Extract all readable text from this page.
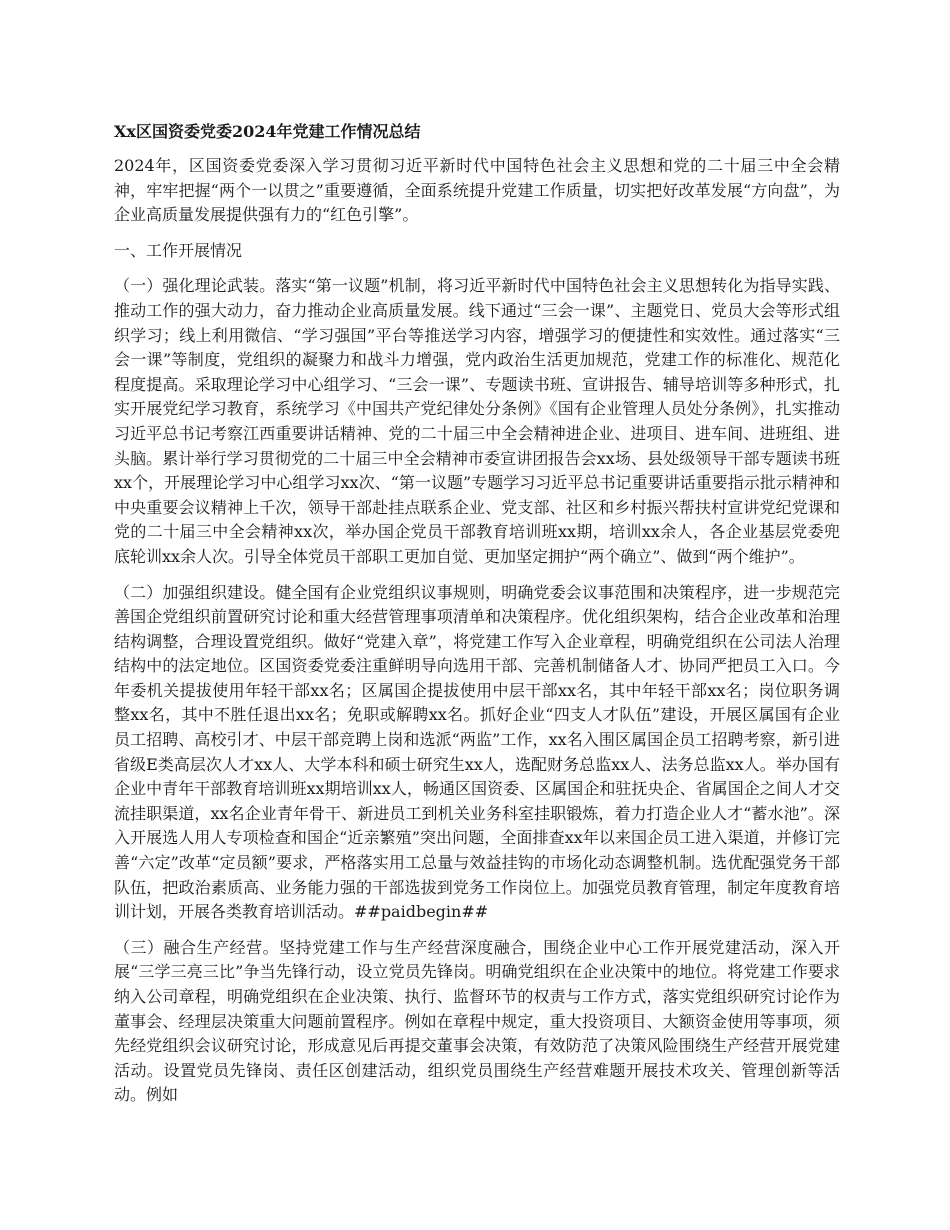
Xx区国资委党委2024年党建工作情况总结

2024年，区国资委党委深入学习贯彻习近平新时代中国特色社会主义思想和党的二十届三中全会精神，牢牢把握“两个一以贯之”重要遵循，全面系统提升党建工作质量，切实把好改革发展“方向盘”，为企业高质量发展提供强有力的“红色引擎”。

一、工作开展情况

（一）强化理论武装。落实“第一议题”机制，将习近平新时代中国特色社会主义思想转化为指导实践、推动工作的强大动力，奋力推动企业高质量发展。线下通过“三会一课”、主题党日、党员大会等形式组织学习；线上利用微信、“学习强国”平台等推送学习内容，增强学习的便捷性和实效性。通过落实“三会一课”等制度，党组织的凝聚力和战斗力增强，党内政治生活更加规范，党建工作的标准化、规范化程度提高。采取理论学习中心组学习、“三会一课”、专题读书班、宣讲报告、辅导培训等多种形式，扎实开展党纪学习教育，系统学习《中国共产党纪律处分条例》《国有企业管理人员处分条例》，扎实推动习近平总书记考察江西重要讲话精神、党的二十届三中全会精神进企业、进项目、进车间、进班组、进头脑。累计举行学习贯彻党的二十届三中全会精神市委宣讲团报告会xx场、县处级领导干部专题读书班xx个，开展理论学习中心组学习xx次、“第一议题”专题学习习近平总书记重要讲话重要指示批示精神和中央重要会议精神上千次，领导干部赴挂点联系企业、党支部、社区和乡村振兴帮扶村宣讲党纪党课和党的二十届三中全会精神xx次，举办国企党员干部教育培训班xx期，培训xx余人，各企业基层党委兜底轮训xx余人次。引导全体党员干部职工更加自觉、更加坚定拥护“两个确立”、做到“两个维护”。

（二）加强组织建设。健全国有企业党组织议事规则，明确党委会议事范围和决策程序，进一步规范完善国企党组织前置研究讨论和重大经营管理事项清单和决策程序。优化组织架构，结合企业改革和治理结构调整，合理设置党组织。做好“党建入章”，将党建工作写入企业章程，明确党组织在公司法人治理结构中的法定地位。区国资委党委注重鲜明导向选用干部、完善机制储备人才、协同严把员工入口。今年委机关提拔使用年轻干部xx名；区属国企提拔使用中层干部xx名，其中年轻干部xx名；岗位职务调整xx名，其中不胜任退出xx名；免职或解聘xx名。抓好企业“四支人才队伍”建设，开展区属国有企业员工招聘、高校引才、中层干部竞聘上岗和选派“两监”工作，xx名入围区属国企员工招聘考察，新引进省级E类高层次人才xx人、大学本科和硕士研究生xx人，选配财务总监xx人、法务总监xx人。举办国有企业中青年干部教育培训班xx期培训xx人，畅通区国资委、区属国企和驻抚央企、省属国企之间人才交流挂职渠道，xx名企业青年骨干、新进员工到机关业务科室挂职锻炼，着力打造企业人才“蓄水池”。深入开展选人用人专项检查和国企“近亲繁殖”突出问题，全面排查xx年以来国企员工进入渠道，并修订完善“六定”改革“定员额”要求，严格落实用工总量与效益挂钩的市场化动态调整机制。选优配强党务干部队伍，把政治素质高、业务能力强的干部选拔到党务工作岗位上。加强党员教育管理，制定年度教育培训计划，开展各类教育培训活动。##paidbegin##

（三）融合生产经营。坚持党建工作与生产经营深度融合，围绕企业中心工作开展党建活动，深入开展“三学三亮三比”争当先锋行动，设立党员先锋岗。明确党组织在企业决策中的地位。将党建工作要求纳入公司章程，明确党组织在企业决策、执行、监督环节的权责与工作方式，落实党组织研究讨论作为董事会、经理层决策重大问题前置程序。例如在章程中规定，重大投资项目、大额资金使用等事项，须先经党组织会议研究讨论，形成意见后再提交董事会决策，有效防范了决策风险围绕生产经营开展党建活动。设置党员先锋岗、责任区创建活动，组织党员围绕生产经营难题开展技术攻关、管理创新等活动。例如
